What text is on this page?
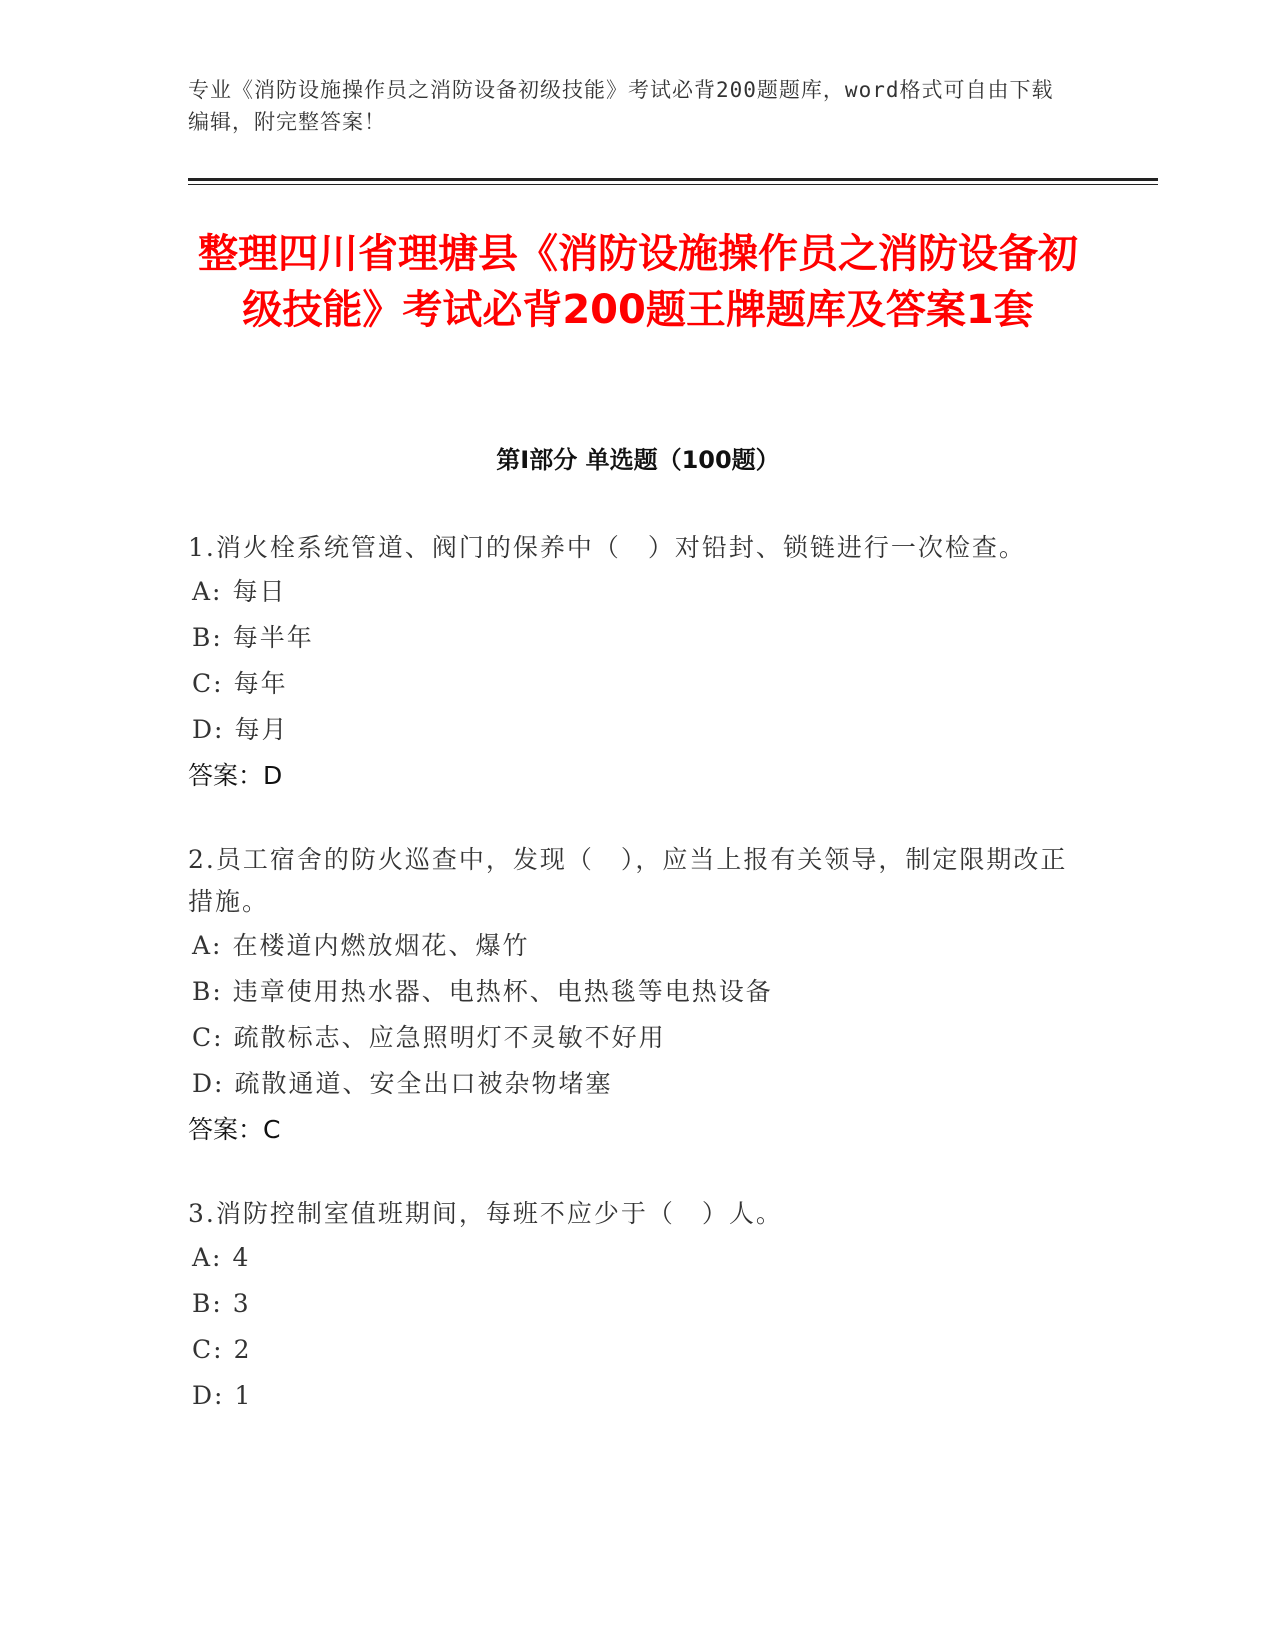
专业《消防设施操作员之消防设备初级技能》考试必背200题题库，word格式可自由下载编辑，附完整答案！
整理四川省理塘县《消防设施操作员之消防设备初级技能》考试必背200题王牌题库及答案1套
第I部分 单选题（100题）
1.消火栓系统管道、阀门的保养中（　）对铅封、锁链进行一次检查。
A: 每日
B: 每半年
C: 每年
D: 每月
答案：D
2.员工宿舍的防火巡查中，发现（　），应当上报有关领导，制定限期改正措施。
A: 在楼道内燃放烟花、爆竹
B: 违章使用热水器、电热杯、电热毯等电热设备
C: 疏散标志、应急照明灯不灵敏不好用
D: 疏散通道、安全出口被杂物堵塞
答案：C
3.消防控制室值班期间，每班不应少于（　）人。
A: 4
B: 3
C: 2
D: 1
